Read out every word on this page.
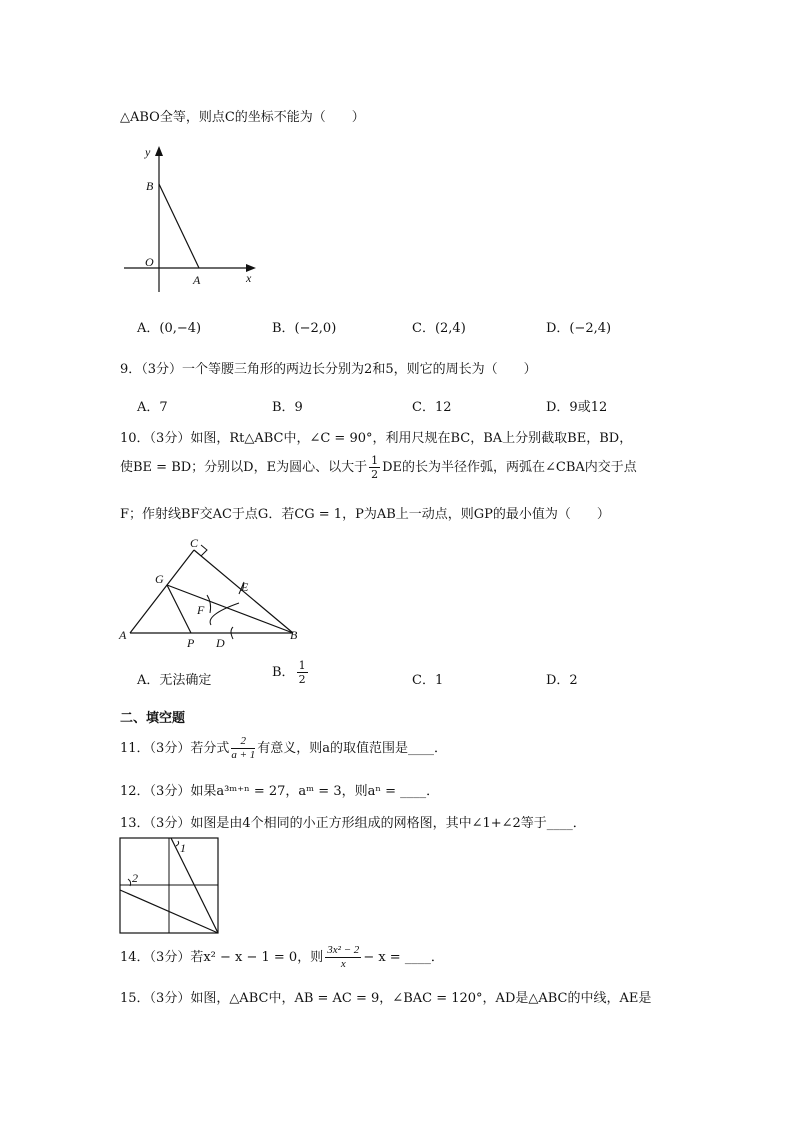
△ABO全等，则点C的坐标不能为（　　）
y
x
B
O
A
A．(0,−4)	B．(−2,0)	C．(2,4)	D．(−2,4)
9．（3分）一个等腰三角形的两边长分别为2和5，则它的周长为（　　）
A．7	B．9	C．12	D．9或12
10．（3分）如图，Rt△ABC中，∠C = 90°，利用尺规在BC，BA上分别截取BE，BD，
使BE = BD；分别以D，E为圆心、以大于 $\frac{1}{2}$ DE的长为半径作弧，两弧在∠CBA内交于点
F；作射线BF交AC于点G．若CG = 1，P为AB上一动点，则GP的最小值为（　　）
C
G
E
F
A
P D
B
A．无法确定
B． $\frac{1}{2}$	C．1	D．2
二、填空题
11．（3分）若分式 $\frac{2}{a + 1}$ 有意义，则a的取值范围是____．
12．（3分）如果a³ᵐ⁺ⁿ = 27，aᵐ = 3，则aⁿ = ____．
13．（3分）如图是由4个相同的小正方形组成的网格图，其中∠1+∠2等于____．
1
2
14．（3分）若x² − x − 1 = 0，则 $\frac{\text{3x² − 2}}{x} - x$ = ____．
15．（3分）如图，△ABC中，AB = AC = 9，∠BAC = 120°，AD是△ABC的中线，AE是
